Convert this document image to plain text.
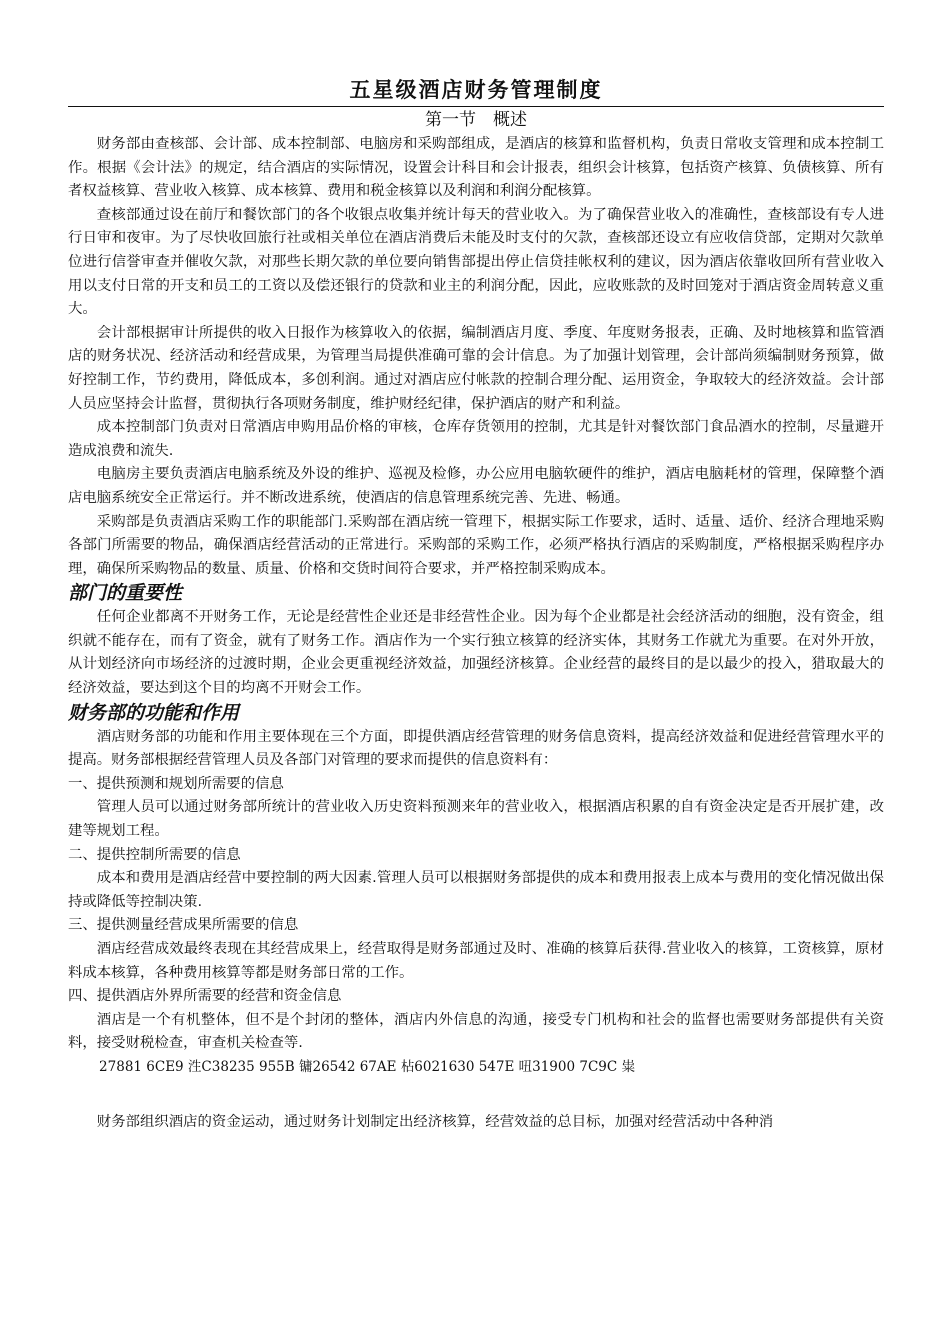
五星级酒店财务管理制度
第一节　概述

财务部由查核部、会计部、成本控制部、电脑房和采购部组成，是酒店的核算和监督机构，负责日常收支管理和成本控制工作。根据《会计法》的规定，结合酒店的实际情况，设置会计科目和会计报表，组织会计核算，包括资产核算、负债核算、所有者权益核算、营业收入核算、成本核算、费用和税金核算以及利润和利润分配核算。

查核部通过设在前厅和餐饮部门的各个收银点收集并统计每天的营业收入。为了确保营业收入的准确性，查核部设有专人进行日审和夜审。为了尽快收回旅行社或相关单位在酒店消费后未能及时支付的欠款，查核部还设立有应收信贷部，定期对欠款单位进行信誉审查并催收欠款，对那些长期欠款的单位要向销售部提出停止信贷挂帐权利的建议，因为酒店依靠收回所有营业收入用以支付日常的开支和员工的工资以及偿还银行的贷款和业主的利润分配，因此，应收账款的及时回笼对于酒店资金周转意义重大。

会计部根据审计所提供的收入日报作为核算收入的依据，编制酒店月度、季度、年度财务报表，正确、及时地核算和监管酒店的财务状况、经济活动和经营成果，为管理当局提供准确可靠的会计信息。为了加强计划管理，会计部尚须编制财务预算，做好控制工作，节约费用，降低成本，多创利润。通过对酒店应付帐款的控制合理分配、运用资金，争取较大的经济效益。会计部人员应坚持会计监督，贯彻执行各项财务制度，维护财经纪律，保护酒店的财产和利益。

成本控制部门负责对日常酒店申购用品价格的审核，仓库存货领用的控制，尤其是针对餐饮部门食品酒水的控制，尽量避开造成浪费和流失.

电脑房主要负责酒店电脑系统及外设的维护、巡视及检修，办公应用电脑软硬件的维护，酒店电脑耗材的管理，保障整个酒店电脑系统安全正常运行。并不断改进系统，使酒店的信息管理系统完善、先进、畅通。

采购部是负责酒店采购工作的职能部门.采购部在酒店统一管理下，根据实际工作要求，适时、适量、适价、经济合理地采购各部门所需要的物品，确保酒店经营活动的正常进行。采购部的采购工作，必须严格执行酒店的采购制度，严格根据采购程序办理，确保所采购物品的数量、质量、价格和交货时间符合要求，并严格控制采购成本。

部门的重要性

任何企业都离不开财务工作，无论是经营性企业还是非经营性企业。因为每个企业都是社会经济活动的细胞，没有资金，组织就不能存在，而有了资金，就有了财务工作。酒店作为一个实行独立核算的经济实体，其财务工作就尤为重要。在对外开放，从计划经济向市场经济的过渡时期，企业会更重视经济效益，加强经济核算。企业经营的最终目的是以最少的投入，猎取最大的经济效益，要达到这个目的均离不开财会工作。

财务部的功能和作用

酒店财务部的功能和作用主要体现在三个方面，即提供酒店经营管理的财务信息资料，提高经济效益和促进经营管理水平的提高。财务部根据经营管理人员及各部门对管理的要求而提供的信息资料有：

一、提供预测和规划所需要的信息

管理人员可以通过财务部所统计的营业收入历史资料预测来年的营业收入，根据酒店积累的自有资金决定是否开展扩建，改建等规划工程。

二、提供控制所需要的信息

成本和费用是酒店经营中要控制的两大因素.管理人员可以根据财务部提供的成本和费用报表上成本与费用的变化情况做出保持或降低等控制决策.

三、提供测量经营成果所需要的信息

酒店经营成效最终表现在其经营成果上，经营取得是财务部通过及时、准确的核算后获得.营业收入的核算，工资核算，原材料成本核算，各种费用核算等都是财务部日常的工作。

四、提供酒店外界所需要的经营和资金信息

酒店是一个有机整体，但不是个封闭的整体，酒店内外信息的沟通，接受专门机构和社会的监督也需要财务部提供有关资料，接受财税检查，审查机关检查等.

27881 6CE9 泩C38235 955B 镛26542 67AE 枮6021630 547E 吜31900 7C9C 粜

财务部组织酒店的资金运动，通过财务计划制定出经济核算，经营效益的总目标，加强对经营活动中各种消
